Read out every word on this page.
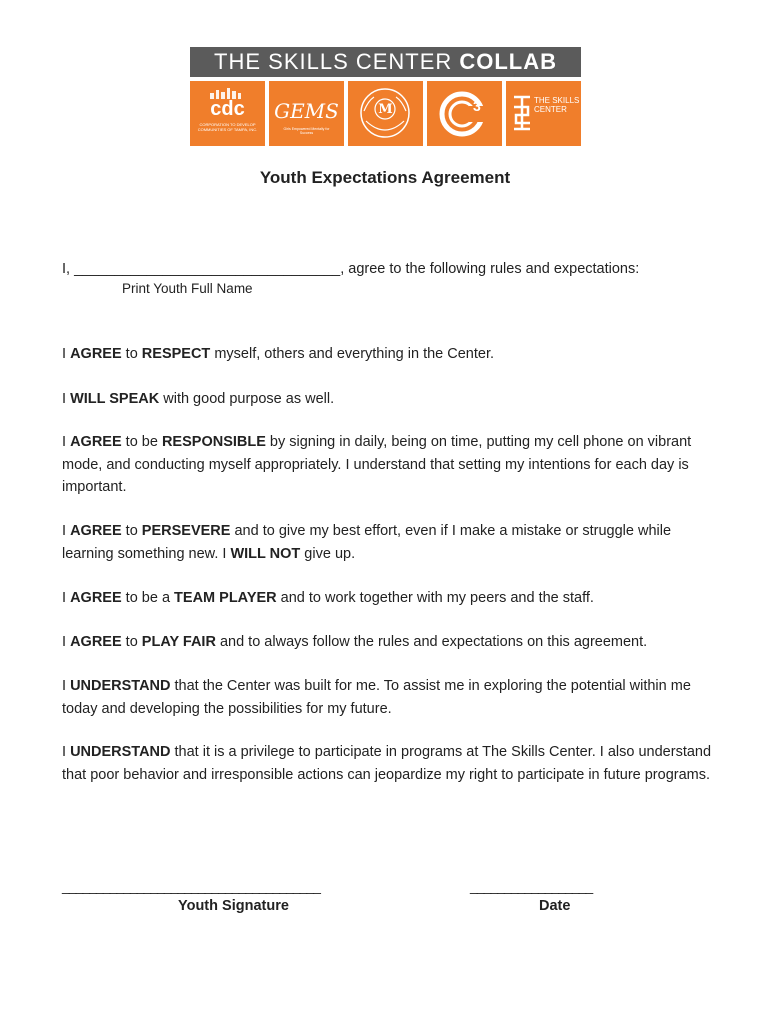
THE SKILLS CENTER COLLAB
cdc
CORPORATION TO DEVELOP COMMUNITIES OF TAMPA, INC.
GEMS
Girls Empowered Mentally for Success
M	3	THE SKILLS CENTER
Youth Expectations Agreement
I, _________________________________, agree to the following rules and expectations:
Print Youth Full Name
I AGREE to RESPECT myself, others and everything in the Center.
I WILL SPEAK with good purpose as well.
I AGREE to be RESPONSIBLE by signing in daily, being on time, putting my cell phone on vibrant mode, and conducting myself appropriately. I understand that setting my intentions for each day is important.
I AGREE to PERSEVERE and to give my best effort, even if I make a mistake or struggle while learning something new. I WILL NOT give up.
I AGREE to be a TEAM PLAYER and to work together with my peers and the staff.
I AGREE to PLAY FAIR and to always follow the rules and expectations on this agreement.
I UNDERSTAND that the Center was built for me. To assist me in exploring the potential within me today and developing the possibilities for my future.
I UNDERSTAND that it is a privilege to participate in programs at The Skills Center. I also understand that poor behavior and irresponsible actions can jeopardize my right to participate in future programs.
______________________________________
Youth Signature
__________________
Date
